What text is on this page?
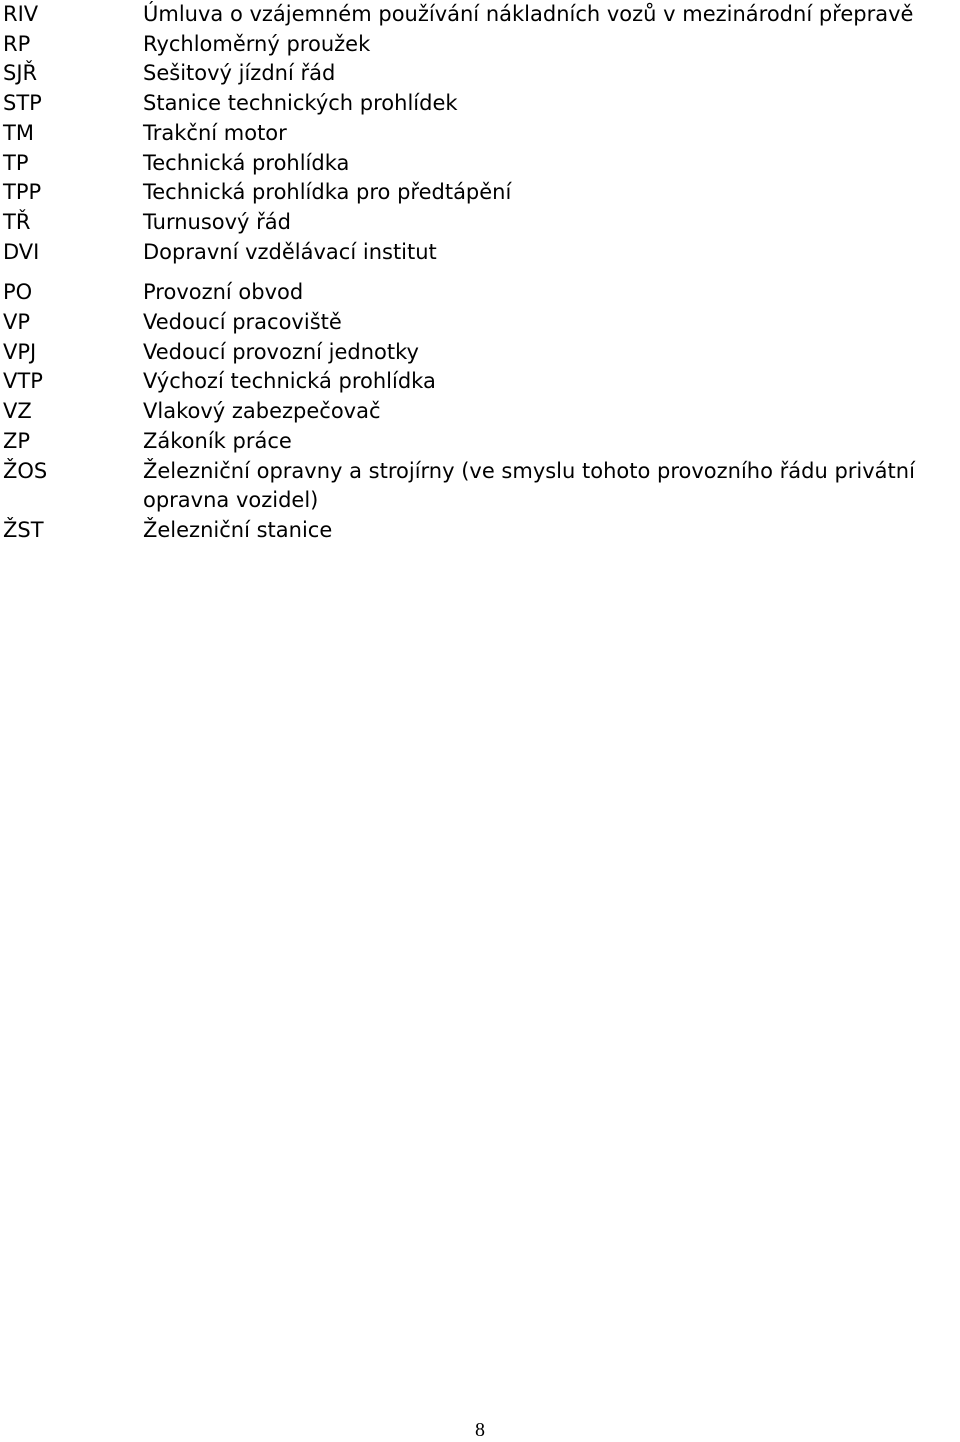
RIV	Úmluva o vzájemném používání nákladních vozů v mezinárodní přepravě
RP	Rychloměrný proužek
SJŘ	Sešitový jízdní řád
STP	Stanice technických prohlídek
TM	Trakční motor
TP	Technická prohlídka
TPP	Technická prohlídka pro předtápění
TŘ	Turnusový řád
DVI	Dopravní vzdělávací institut
PO	Provozní obvod
VP	Vedoucí pracoviště
VPJ	Vedoucí provozní jednotky
VTP	Výchozí technická prohlídka
VZ	Vlakový zabezpečovač
ZP	Zákoník práce
ŽOS	Železniční opravny a strojírny (ve smyslu tohoto provozního řádu privátní opravna vozidel)
ŽST	Železniční stanice
8
